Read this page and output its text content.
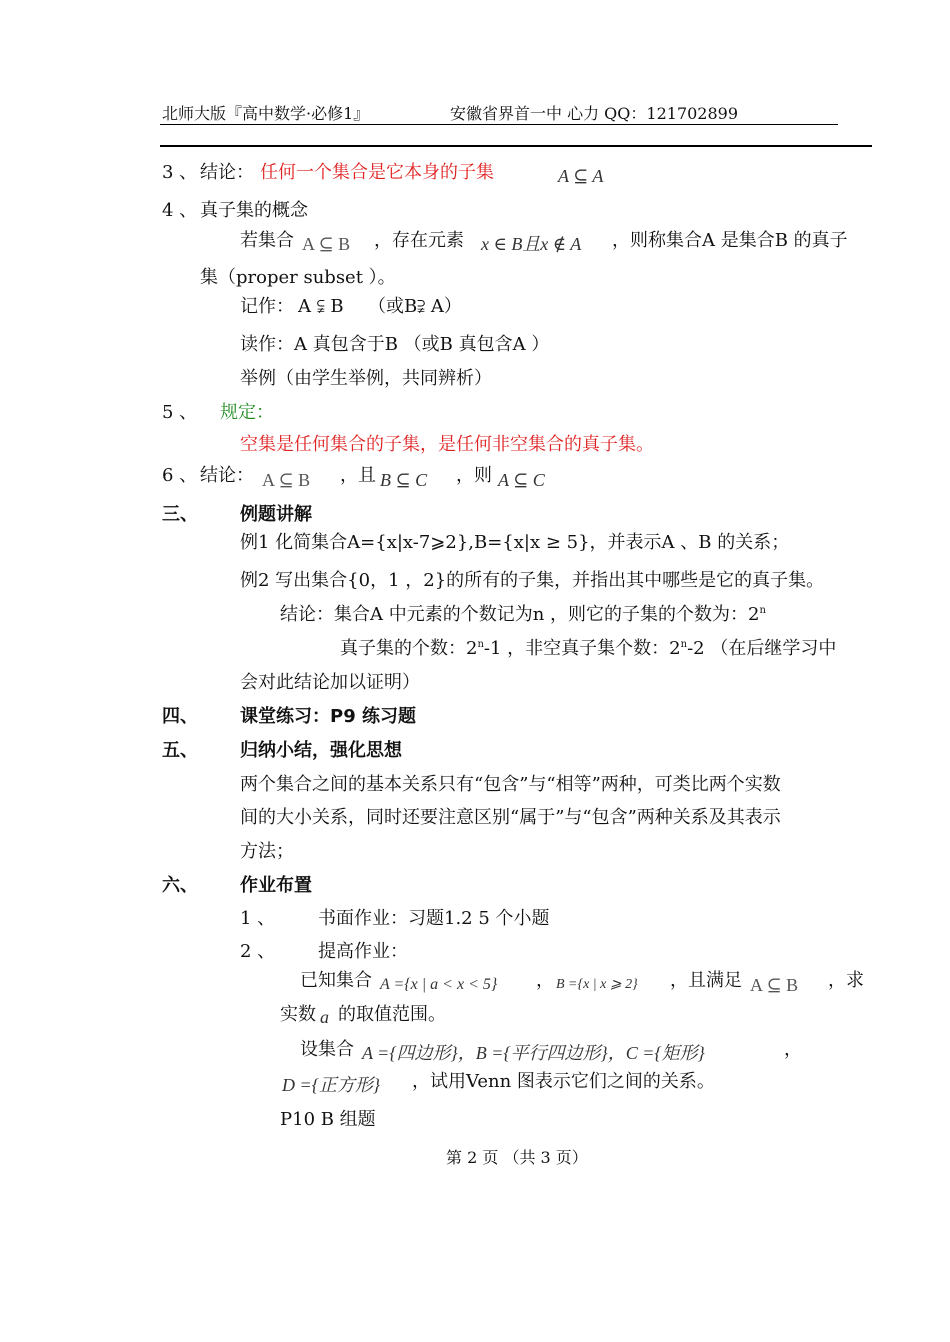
北师大版『高中数学·必修1』	安徽省界首一中 心力 QQ：121702899
3 、 结论： 任何一个集合是它本身的子集	A ⊆ A
4 、 真子集的概念
若集合 A ⊆ B ，存在元素 x ∈ B且x ∉ A ，则称集合A 是集合B 的真子
集（proper subset ）。
记作： A ⫋ B （或B⫌ A）
读作：A 真包含于B （或B 真包含A ）
举例（由学生举例，共同辨析）
5 、 规定：
空集是任何集合的子集，是任何非空集合的真子集。
6 、 结论： A ⊆ B ，且 B ⊆ C ，则 A ⊆ C
三、 例题讲解
例1 化简集合A={x|x-7⩾2},B={x|x ≥ 5}，并表示A 、B 的关系；
例2 写出集合{0，1 ，2}的所有的子集，并指出其中哪些是它的真子集。
结论：集合A 中元素的个数记为n ，则它的子集的个数为：2$^n$
真子集的个数：2$^n$-1 ，非空真子集个数：2$^n$-2 （在后继学习中
会对此结论加以证明）
四、 课堂练习：P9 练习题
五、 归纳小结，强化思想
两个集合之间的基本关系只有“包含”与“相等”两种，可类比两个实数
间的大小关系，同时还要注意区别“属于”与“包含”两种关系及其表示
方法；
六、 作业布置
1 、 书面作业：习题1.2 5 个小题
2 、 提高作业：
已知集合 A ={x | a < x < 5} ， B ={x | x ⩾ 2} ，且满足 A ⊆ B ，求
实数 a 的取值范围。
设集合 A ={四边形}，B ={平行四边形}，C ={矩形}	，
D ={正方形} ，试用Venn 图表示它们之间的关系。
P10 B 组题
第 2 页 （共 3 页）
